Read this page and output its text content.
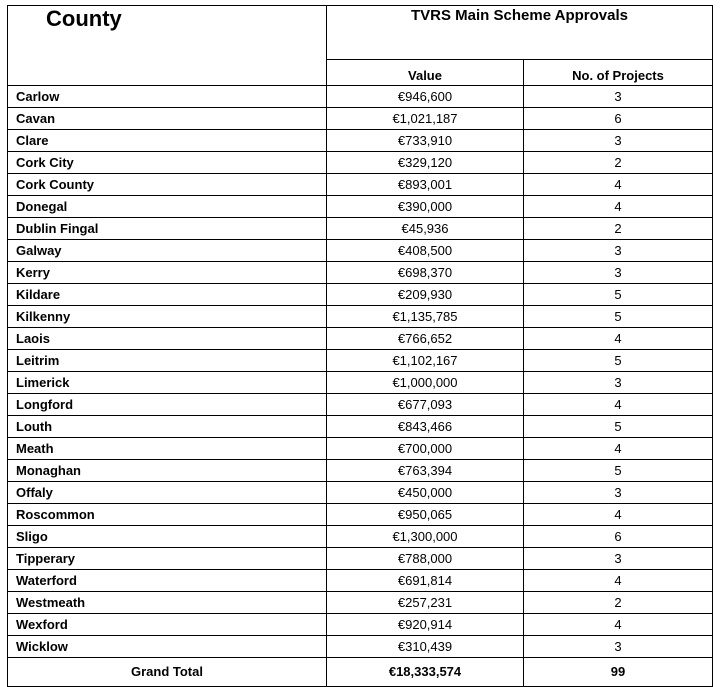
County	TVRS Main Scheme Approvals	
	Value	No. of Projects
Carlow	€946,600	3
Cavan	€1,021,187	6
Clare	€733,910	3
Cork City	€329,120	2
Cork County	€893,001	4
Donegal	€390,000	4
Dublin Fingal	€45,936	2
Galway	€408,500	3
Kerry	€698,370	3
Kildare	€209,930	5
Kilkenny	€1,135,785	5
Laois	€766,652	4
Leitrim	€1,102,167	5
Limerick	€1,000,000	3
Longford	€677,093	4
Louth	€843,466	5
Meath	€700,000	4
Monaghan	€763,394	5
Offaly	€450,000	3
Roscommon	€950,065	4
Sligo	€1,300,000	6
Tipperary	€788,000	3
Waterford	€691,814	4
Westmeath	€257,231	2
Wexford	€920,914	4
Wicklow	€310,439	3
Grand Total	€18,333,574	99
